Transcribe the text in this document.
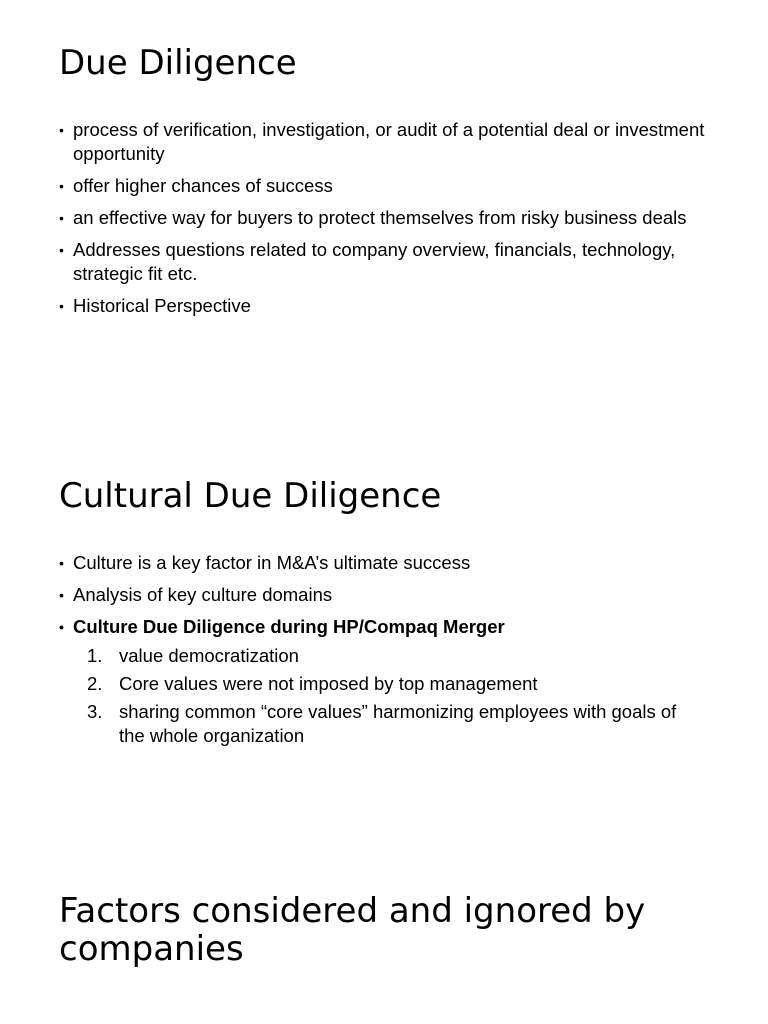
Due Diligence
• process of verification, investigation, or audit of a potential deal or investment opportunity
• offer higher chances of success
• an effective way for buyers to protect themselves from risky business deals
• Addresses questions related to company overview, financials, technology, strategic fit etc.
• Historical Perspective
Cultural Due Diligence
• Culture is a key factor in M&A’s ultimate success
• Analysis of key culture domains
• Culture Due Diligence during HP/Compaq Merger
1. value democratization
2. Core values were not imposed by top management
3. sharing common “core values” harmonizing employees with goals of the whole organization
Factors considered and ignored by companies
